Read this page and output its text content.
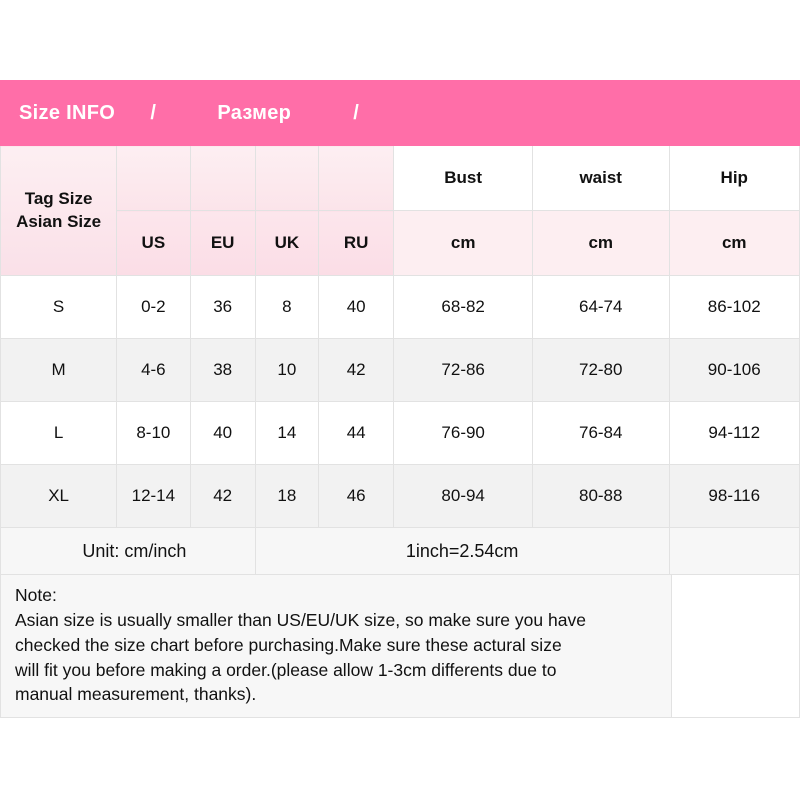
Size INFO	/	Размер		/			

Tag Size
Asian Size					Bust	waist	Hip
	US	EU	UK	RU	cm	cm	cm
S	0-2	36	8	40	68-82	64-74	86-102
M	4-6	38	10	42	72-86	72-80	90-106
L	8-10	40	14	44	76-90	76-84	94-112
XL	12-14	42	18	46	80-94	80-88	98-116
Unit: cm/inch			1inch=2.54cm				
Note:
Asian size is usually smaller than US/EU/UK size, so make sure you have
checked the size chart before purchasing.Make sure these actural size
will fit you before making a order.(please allow 1-3cm differents due to
manual measurement, thanks).
